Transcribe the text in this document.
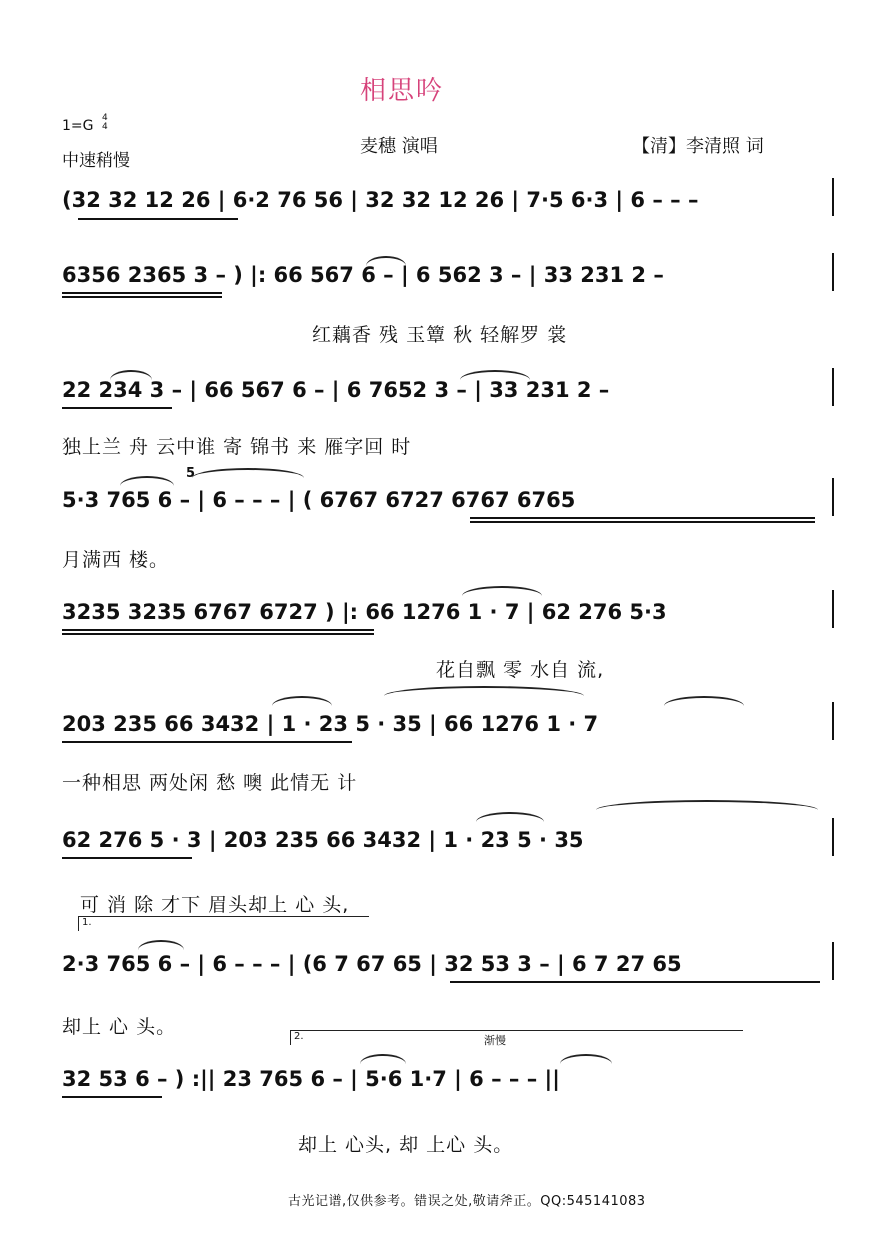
相思吟
1=G 4
4
中速稍慢
麦穗 演唱	【清】李清照 词
(32 32 12 26 | 6·2 76 56 | 32 32 12 26 | 7·5 6·3 | 6 – – –
6356 2365 3 – ) |: 66 567 6 – | 6 562 3 – | 33 231 2 –
红藕香 残 玉簟 秋 轻解罗 裳
22 234 3 – | 66 567 6 – | 6 7652 3 – | 33 231 2 –
独上兰 舟 云中谁 寄 锦书 来 雁字回 时
5·3 765 6 – | 6 – – – | ( 6767 6727 6767 6765
5
月满西 楼。
3235 3235 6767 6727 ) |: 66 1276 1 · 7 | 62 276 5·3
花自飘 零 水自 流,
203 235 66 3432 | 1 · 23 5 · 35 | 66 1276 1 · 7
一种相思 两处闲 愁 噢 此情无 计
62 276 5 · 3 | 203 235 66 3432 | 1 · 23 5 · 35
可 消 除 才下 眉头却上 心 头,
1.
2·3 765 6 – | 6 – – – | (6 7 67 65 | 32 53 3 – | 6 7 27 65
却上 心 头。	2.	渐慢
32 53 6 – ) :|| 23 765 6 – | 5·6 1·7 | 6 – – – ||
却上 心头, 却 上心 头。
古光记谱,仅供参考。错误之处,敬请斧正。QQ:545141083
